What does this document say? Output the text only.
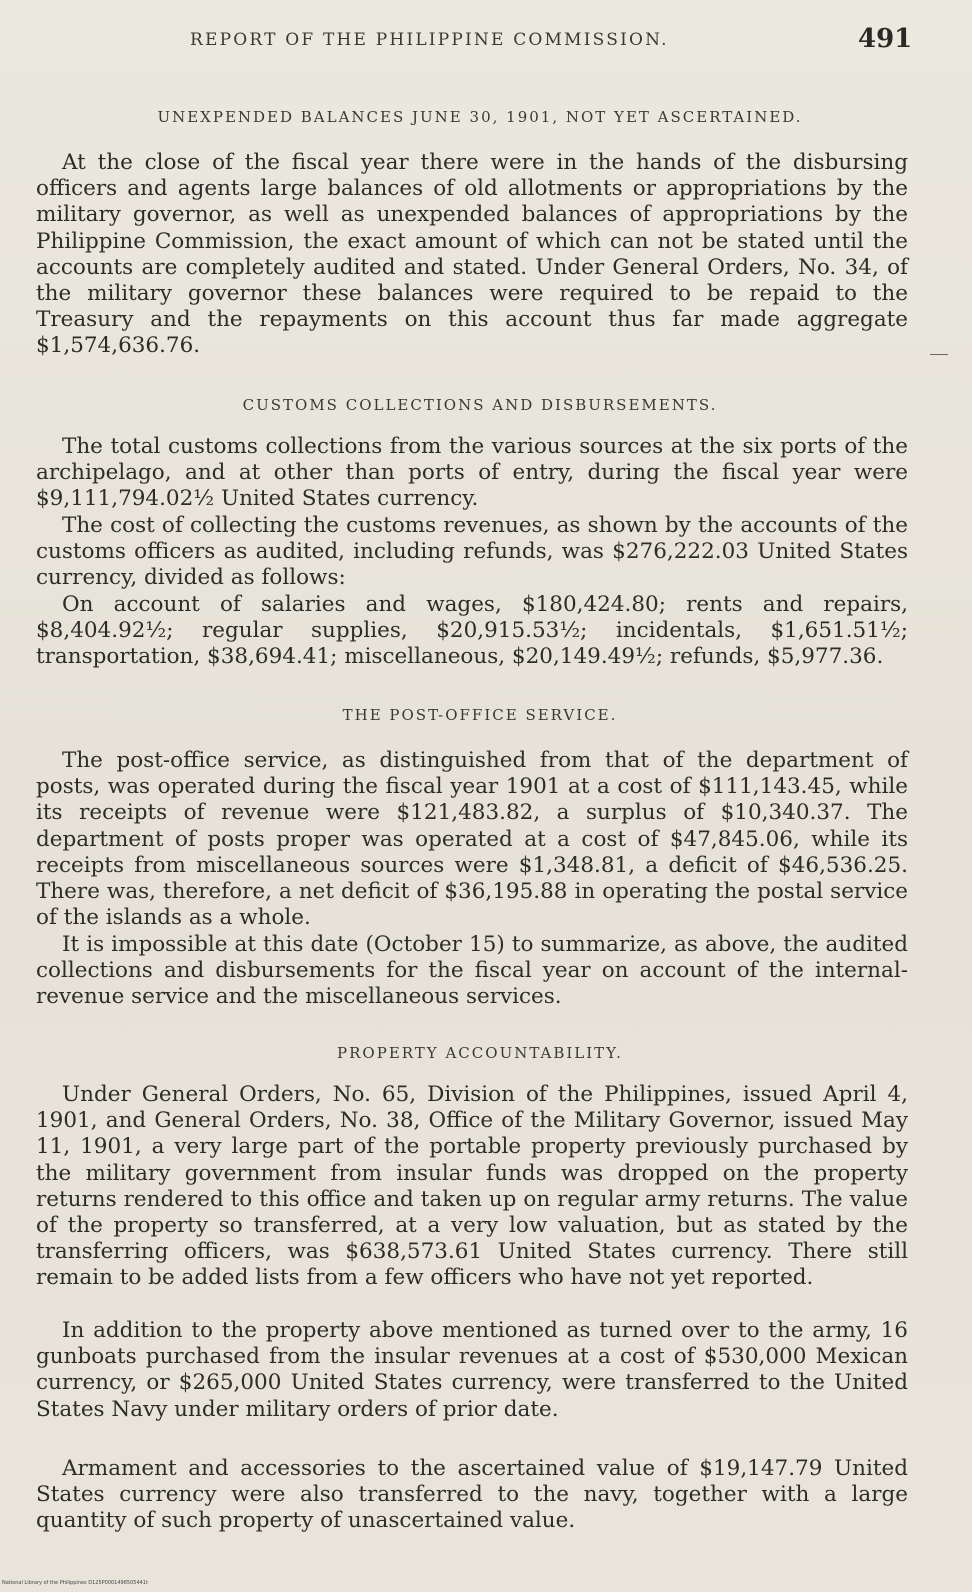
REPORT OF THE PHILIPPINE COMMISSION.	491
UNEXPENDED BALANCES JUNE 30, 1901, NOT YET ASCERTAINED.

At the close of the fiscal year there were in the hands of the disbursing officers and agents large balances of old allotments or appropriations by the military governor, as well as unexpended balances of appropriations by the Philippine Commission, the exact amount of which can not be stated until the accounts are completely audited and stated. Under General Orders, No. 34, of the military governor these balances were required to be repaid to the Treasury and the repayments on this account thus far made aggregate $1,574,636.76.

CUSTOMS COLLECTIONS AND DISBURSEMENTS.

The total customs collections from the various sources at the six ports of the archipelago, and at other than ports of entry, during the fiscal year were $9,111,794.02½ United States currency.

The cost of collecting the customs revenues, as shown by the accounts of the customs officers as audited, including refunds, was $276,222.03 United States currency, divided as follows:

On account of salaries and wages, $180,424.80; rents and repairs, $8,404.92½; regular supplies, $20,915.53½; incidentals, $1,651.51½; transportation, $38,694.41; miscellaneous, $20,149.49½; refunds, $5,977.36.

THE POST-OFFICE SERVICE.

The post-office service, as distinguished from that of the department of posts, was operated during the fiscal year 1901 at a cost of $111,143.45, while its receipts of revenue were $121,483.82, a surplus of $10,340.37. The department of posts proper was operated at a cost of $47,845.06, while its receipts from miscellaneous sources were $1,348.81, a deficit of $46,536.25. There was, therefore, a net deficit of $36,195.88 in operating the postal service of the islands as a whole.

It is impossible at this date (October 15) to summarize, as above, the audited collections and disbursements for the fiscal year on account of the internal-revenue service and the miscellaneous services.

PROPERTY ACCOUNTABILITY.

Under General Orders, No. 65, Division of the Philippines, issued April 4, 1901, and General Orders, No. 38, Office of the Military Governor, issued May 11, 1901, a very large part of the portable property previously purchased by the military government from insular funds was dropped on the property returns rendered to this office and taken up on regular army returns. The value of the property so transferred, at a very low valuation, but as stated by the transferring officers, was $638,573.61 United States currency. There still remain to be added lists from a few officers who have not yet reported.

In addition to the property above mentioned as turned over to the army, 16 gunboats purchased from the insular revenues at a cost of $530,000 Mexican currency, or $265,000 United States currency, were transferred to the United States Navy under military orders of prior date.

Armament and accessories to the ascertained value of $19,147.79 United States currency were also transferred to the navy, together with a large quantity of such property of unascertained value.

National Library of the Philippines D125P0001496505441t
